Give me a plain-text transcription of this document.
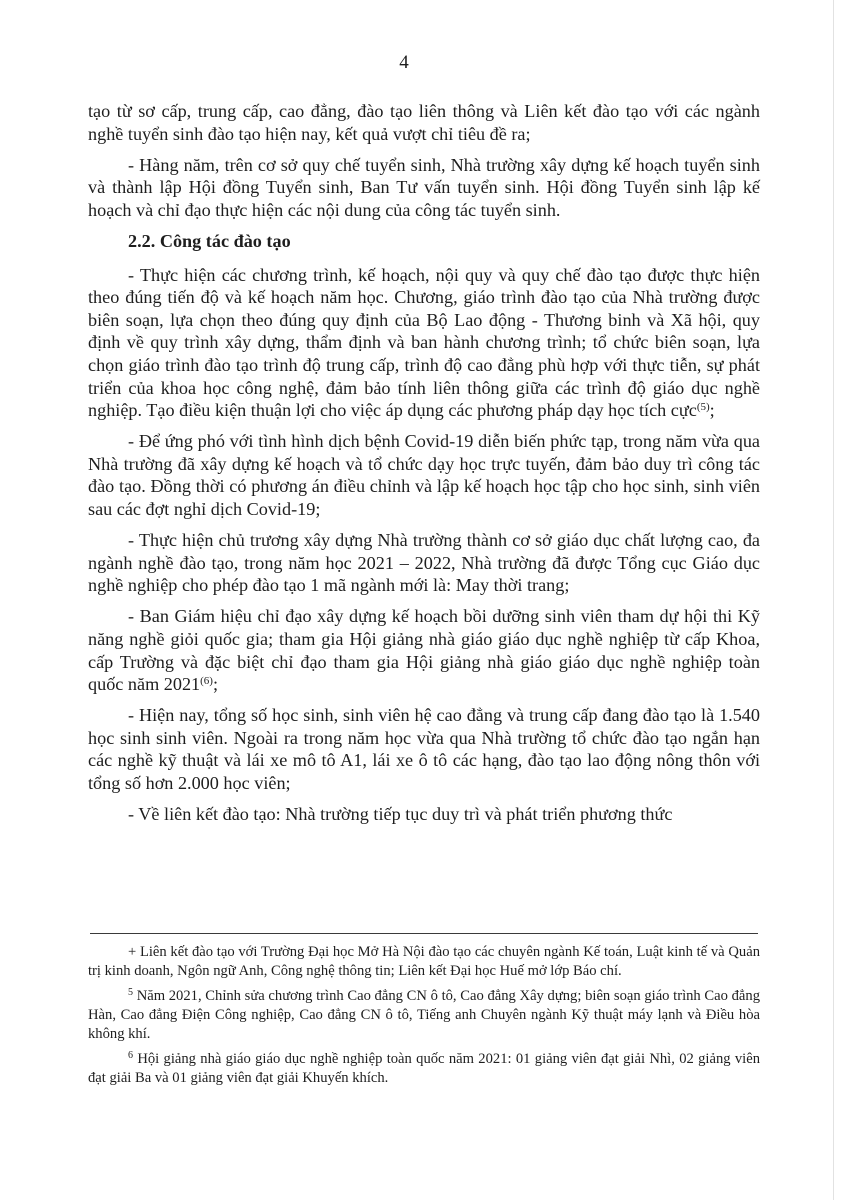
4

tạo từ sơ cấp, trung cấp, cao đẳng, đào tạo liên thông và Liên kết đào tạo với các ngành nghề tuyển sinh đào tạo hiện nay, kết quả vượt chỉ tiêu đề ra;

- Hàng năm, trên cơ sở quy chế tuyển sinh, Nhà trường xây dựng kế hoạch tuyển sinh và thành lập Hội đồng Tuyển sinh, Ban Tư vấn tuyển sinh. Hội đồng Tuyển sinh lập kế hoạch và chỉ đạo thực hiện các nội dung của công tác tuyển sinh.

2.2. Công tác đào tạo

- Thực hiện các chương trình, kế hoạch, nội quy và quy chế đào tạo được thực hiện theo đúng tiến độ và kế hoạch năm học. Chương, giáo trình đào tạo của Nhà trường được biên soạn, lựa chọn theo đúng quy định của Bộ Lao động - Thương binh và Xã hội, quy định về quy trình xây dựng, thẩm định và ban hành chương trình; tổ chức biên soạn, lựa chọn giáo trình đào tạo trình độ trung cấp, trình độ cao đẳng phù hợp với thực tiễn, sự phát triển của khoa học công nghệ, đảm bảo tính liên thông giữa các trình độ giáo dục nghề nghiệp. Tạo điều kiện thuận lợi cho việc áp dụng các phương pháp dạy học tích cực$^{(5)}$;

- Để ứng phó với tình hình dịch bệnh Covid-19 diễn biến phức tạp, trong năm vừa qua Nhà trường đã xây dựng kế hoạch và tổ chức dạy học trực tuyến, đảm bảo duy trì công tác đào tạo. Đồng thời có phương án điều chỉnh và lập kế hoạch học tập cho học sinh, sinh viên sau các đợt nghỉ dịch Covid-19;

- Thực hiện chủ trương xây dựng Nhà trường thành cơ sở giáo dục chất lượng cao, đa ngành nghề đào tạo, trong năm học 2021 – 2022, Nhà trường đã được Tổng cục Giáo dục nghề nghiệp cho phép đào tạo 1 mã ngành mới là: May thời trang;

- Ban Giám hiệu chỉ đạo xây dựng kế hoạch bồi dưỡng sinh viên tham dự hội thi Kỹ năng nghề giỏi quốc gia; tham gia Hội giảng nhà giáo giáo dục nghề nghiệp từ cấp Khoa, cấp Trường và đặc biệt chỉ đạo tham gia Hội giảng nhà giáo giáo dục nghề nghiệp toàn quốc năm 2021$^{(6)}$;

- Hiện nay, tổng số học sinh, sinh viên hệ cao đẳng và trung cấp đang đào tạo là 1.540 học sinh sinh viên. Ngoài ra trong năm học vừa qua Nhà trường tổ chức đào tạo ngắn hạn các nghề kỹ thuật và lái xe mô tô A1, lái xe ô tô các hạng, đào tạo lao động nông thôn với tổng số hơn 2.000 học viên;

- Về liên kết đào tạo: Nhà trường tiếp tục duy trì và phát triển phương thức

+ Liên kết đào tạo với Trường Đại học Mở Hà Nội đào tạo các chuyên ngành Kế toán, Luật kinh tế và Quản trị kinh doanh, Ngôn ngữ Anh, Công nghệ thông tin; Liên kết Đại học Huế mở lớp Báo chí.

$^5$ Năm 2021, Chỉnh sửa chương trình Cao đẳng CN ô tô, Cao đẳng Xây dựng; biên soạn giáo trình Cao đẳng Hàn, Cao đẳng Điện Công nghiệp, Cao đẳng CN ô tô, Tiếng anh Chuyên ngành Kỹ thuật máy lạnh và Điều hòa không khí.

$^6$ Hội giảng nhà giáo giáo dục nghề nghiệp toàn quốc năm 2021: 01 giảng viên đạt giải Nhì, 02 giảng viên đạt giải Ba và 01 giảng viên đạt giải Khuyến khích.
